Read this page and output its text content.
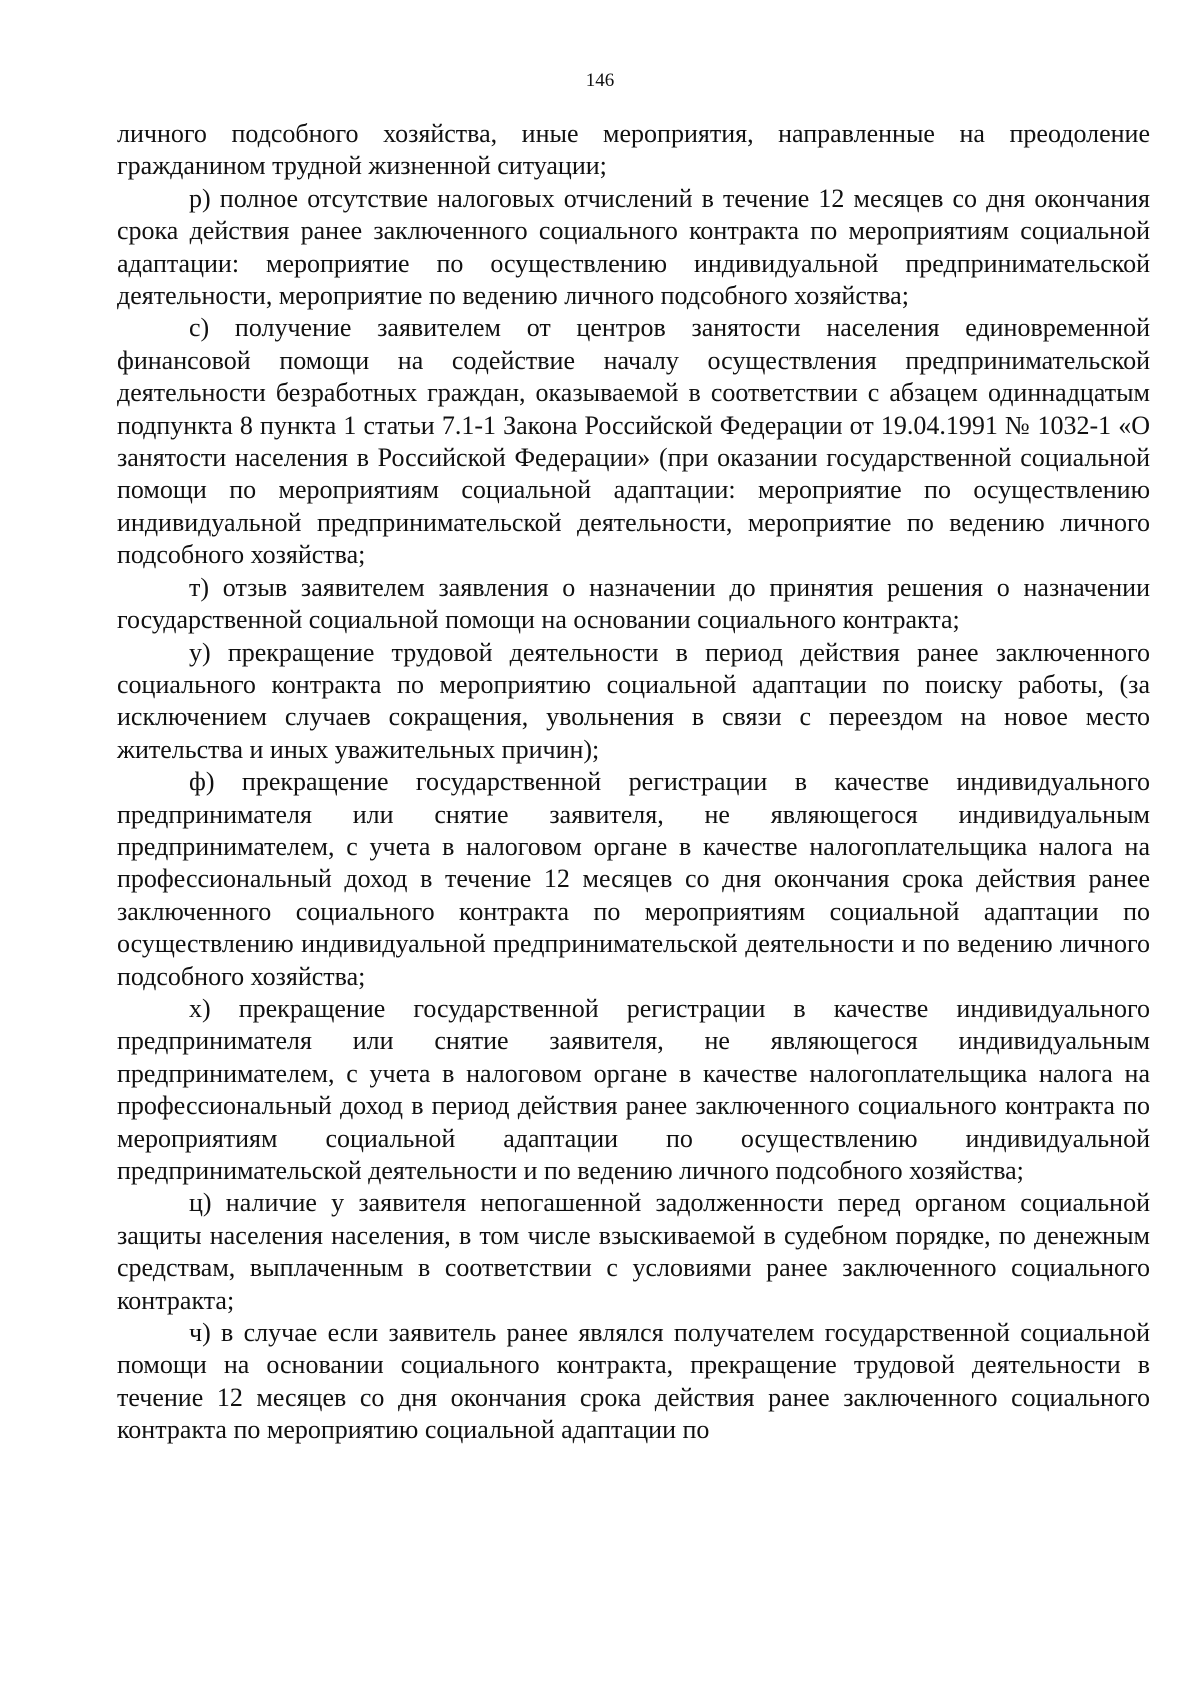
146

личного подсобного хозяйства, иные мероприятия, направленные на преодоление гражданином трудной жизненной ситуации;

р) полное отсутствие налоговых отчислений в течение 12 месяцев со дня окончания срока действия ранее заключенного социального контракта по мероприятиям социальной адаптации: мероприятие по осуществлению индивидуальной предпринимательской деятельности, мероприятие по ведению личного подсобного хозяйства;

с) получение заявителем от центров занятости населения единовременной финансовой помощи на содействие началу осуществления предпринимательской деятельности безработных граждан, оказываемой в соответствии с абзацем одиннадцатым подпункта 8 пункта 1 статьи 7.1-1 Закона Российской Федерации от 19.04.1991 № 1032-1 «О занятости населения в Российской Федерации» (при оказании государственной социальной помощи по мероприятиям социальной адаптации: мероприятие по осуществлению индивидуальной предпринимательской деятельности, мероприятие по ведению личного подсобного хозяйства;

т) отзыв заявителем заявления о назначении до принятия решения о назначении государственной социальной помощи на основании социального контракта;

у) прекращение трудовой деятельности в период действия ранее заключенного социального контракта по мероприятию социальной адаптации по поиску работы, (за исключением случаев сокращения, увольнения в связи с переездом на новое место жительства и иных уважительных причин);

ф) прекращение государственной регистрации в качестве индивидуального предпринимателя или снятие заявителя, не являющегося индивидуальным предпринимателем, с учета в налоговом органе в качестве налогоплательщика налога на профессиональный доход в течение 12 месяцев со дня окончания срока действия ранее заключенного социального контракта по мероприятиям социальной адаптации по осуществлению индивидуальной предпринимательской деятельности и по ведению личного подсобного хозяйства;

х) прекращение государственной регистрации в качестве индивидуального предпринимателя или снятие заявителя, не являющегося индивидуальным предпринимателем, с учета в налоговом органе в качестве налогоплательщика налога на профессиональный доход в период действия ранее заключенного социального контракта по мероприятиям социальной адаптации по осуществлению индивидуальной предпринимательской деятельности и по ведению личного подсобного хозяйства;

ц) наличие у заявителя непогашенной задолженности перед органом социальной защиты населения населения, в том числе взыскиваемой в судебном порядке, по денежным средствам, выплаченным в соответствии с условиями ранее заключенного социального контракта;

ч) в случае если заявитель ранее являлся получателем государственной социальной помощи на основании социального контракта, прекращение трудовой деятельности в течение 12 месяцев со дня окончания срока действия ранее заключенного социального контракта по мероприятию социальной адаптации по
